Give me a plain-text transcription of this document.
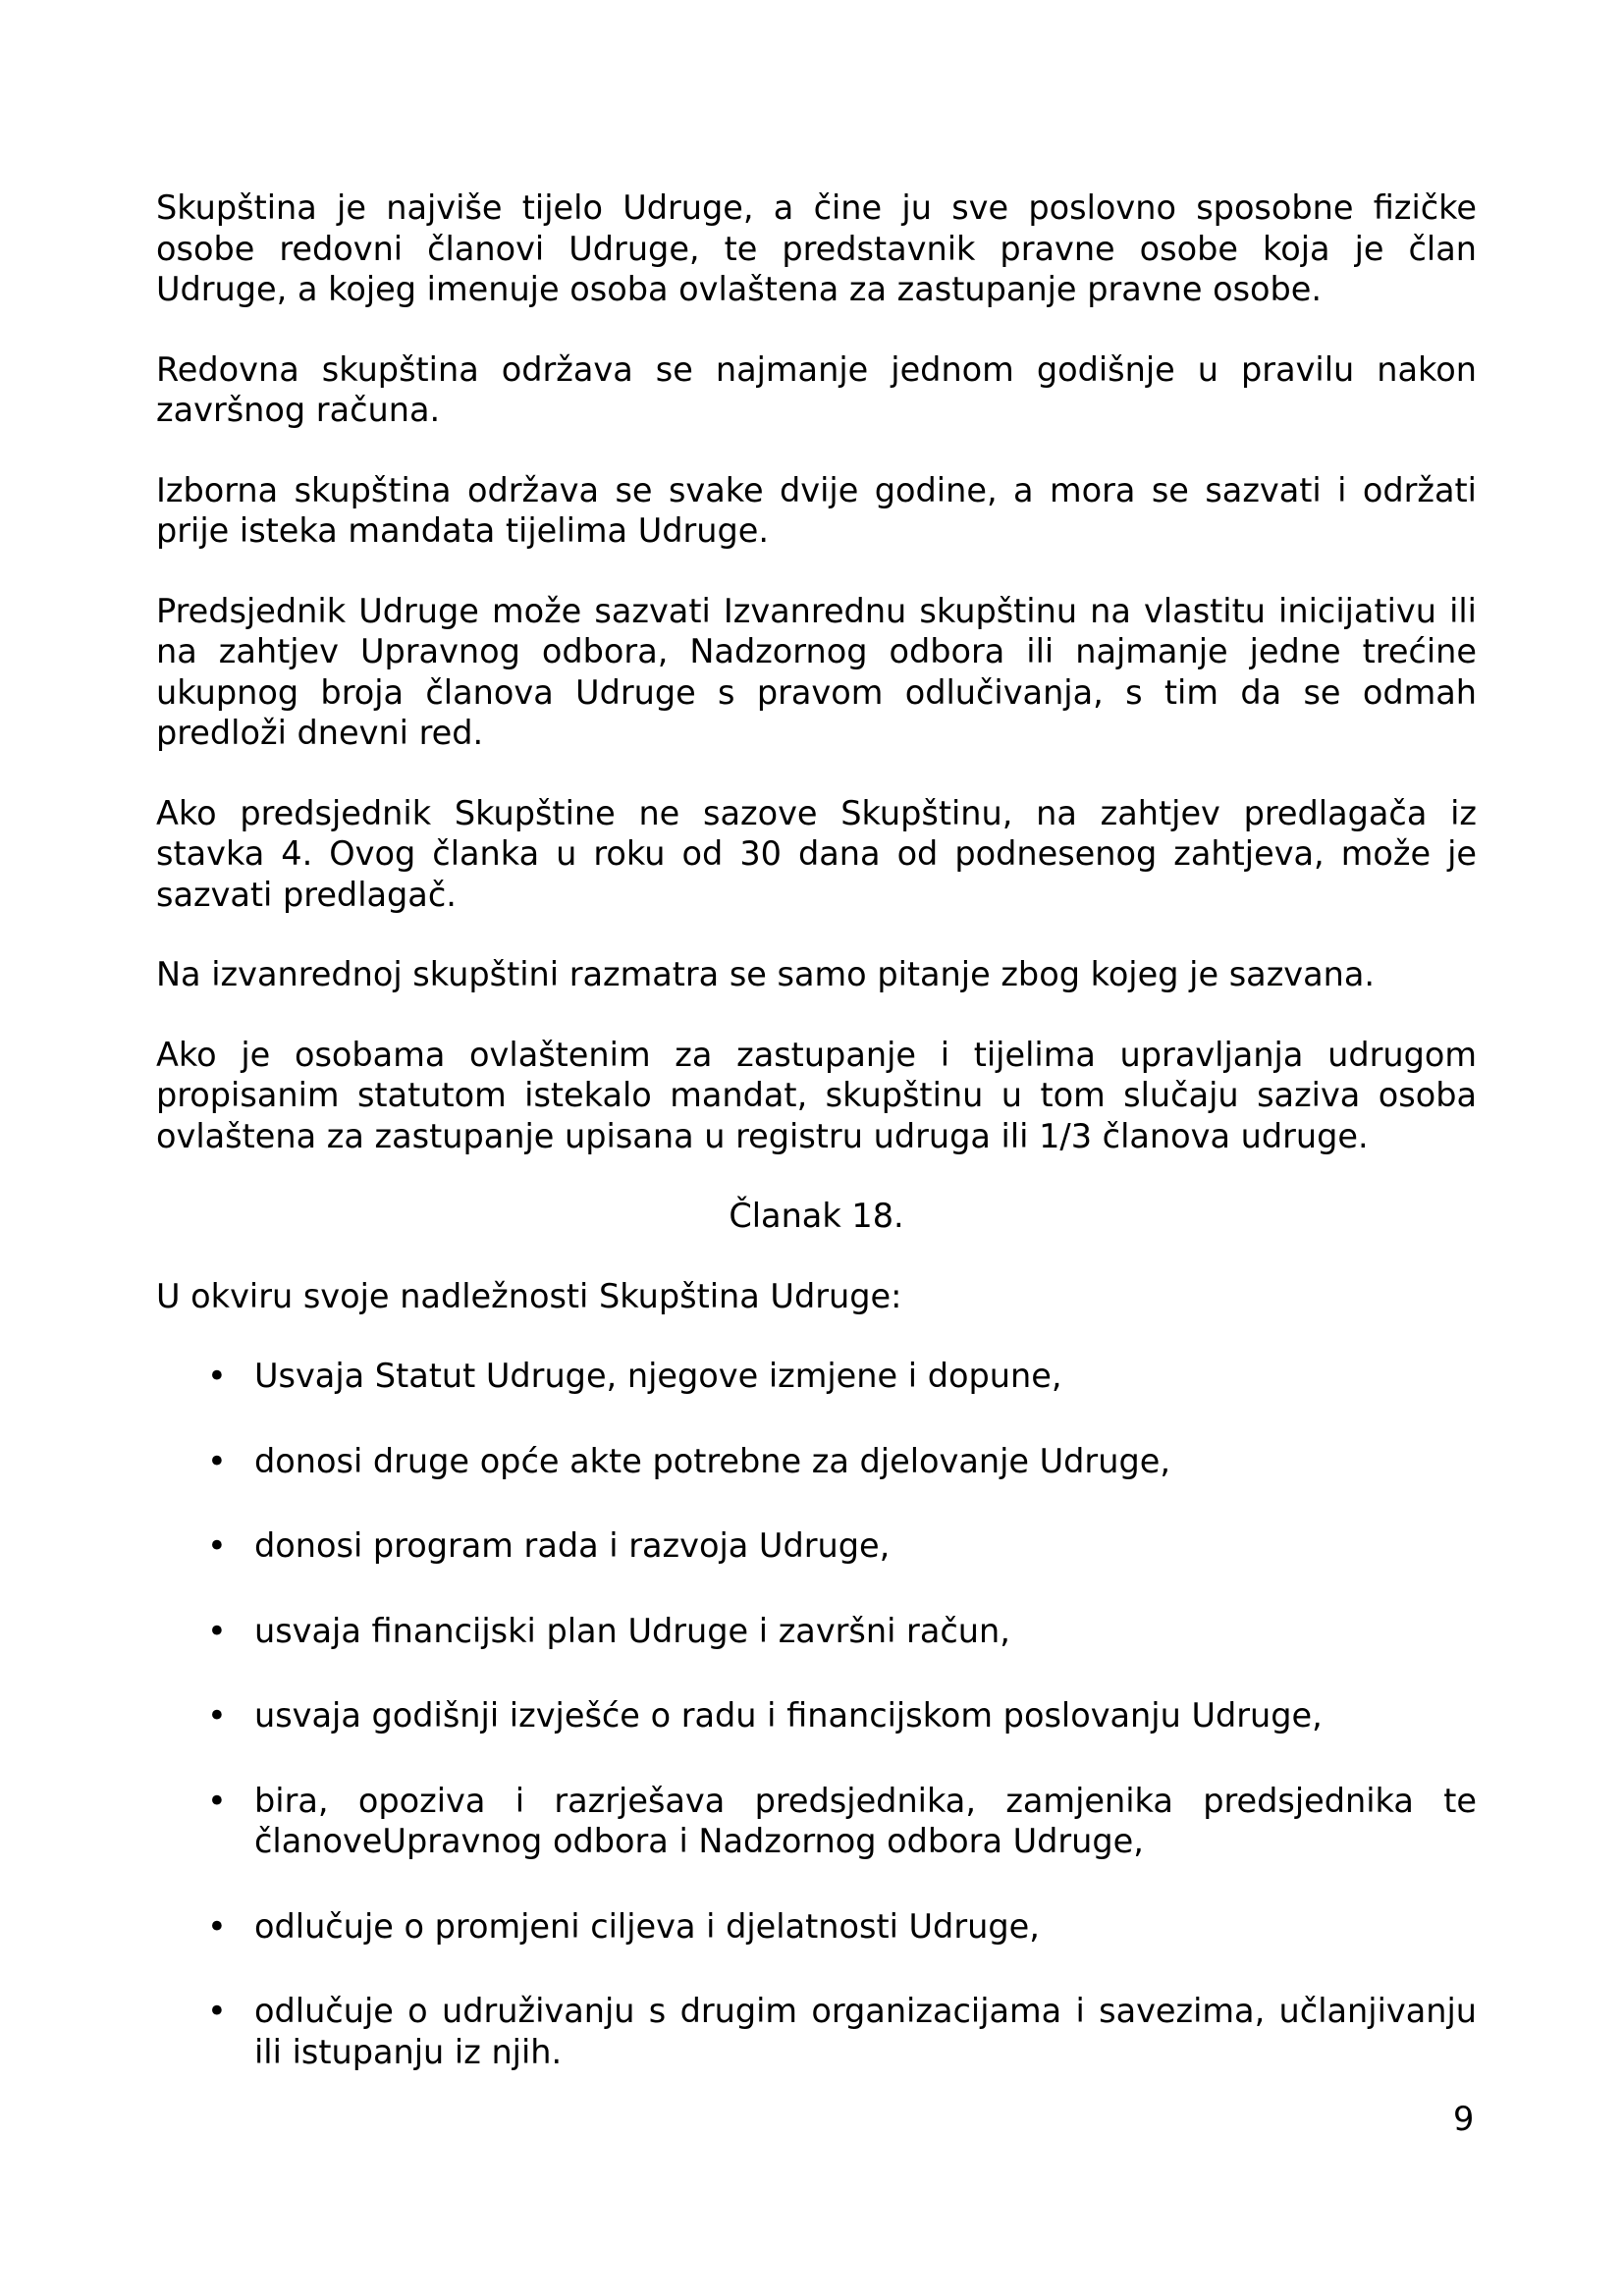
Skupština je najviše tijelo Udruge, a čine ju sve poslovno sposobne fizičke osobe redovni članovi Udruge, te predstavnik pravne osobe koja je član Udruge, a kojeg imenuje osoba ovlaštena za zastupanje pravne osobe.

Redovna skupština održava se najmanje jednom godišnje u pravilu nakon završnog računa.

Izborna skupština održava se svake dvije godine, a mora se sazvati i održati prije isteka mandata tijelima Udruge.

Predsjednik Udruge može sazvati Izvanrednu skupštinu na vlastitu inicijativu ili na zahtjev Upravnog odbora, Nadzornog odbora ili najmanje jedne trećine ukupnog broja članova Udruge s pravom odlučivanja, s tim da se odmah predloži dnevni red.

Ako predsjednik Skupštine ne sazove Skupštinu, na zahtjev predlagača iz stavka 4. Ovog članka u roku od 30 dana od podnesenog zahtjeva, može je sazvati predlagač.

Na izvanrednoj skupštini razmatra se samo pitanje zbog kojeg je sazvana.

Ako je osobama ovlaštenim za zastupanje i tijelima upravljanja udrugom propisanim statutom istekalo mandat, skupštinu u tom slučaju saziva osoba ovlaštena za zastupanje upisana u registru udruga ili 1/3 članova udruge.

Članak 18.

U okviru svoje nadležnosti Skupština Udruge:

• Usvaja Statut Udruge, njegove izmjene i dopune,
• donosi druge opće akte potrebne za djelovanje Udruge,
• donosi program rada i razvoja Udruge,
• usvaja financijski plan Udruge i završni račun,
• usvaja godišnji izvješće o radu i financijskom poslovanju Udruge,
• bira, opoziva i razrješava predsjednika, zamjenika predsjednika te članoveUpravnog odbora i Nadzornog odbora Udruge,
• odlučuje o promjeni ciljeva i djelatnosti Udruge,
• odlučuje o udruživanju s drugim organizacijama i savezima, učlanjivanju ili istupanju iz njih.
9
